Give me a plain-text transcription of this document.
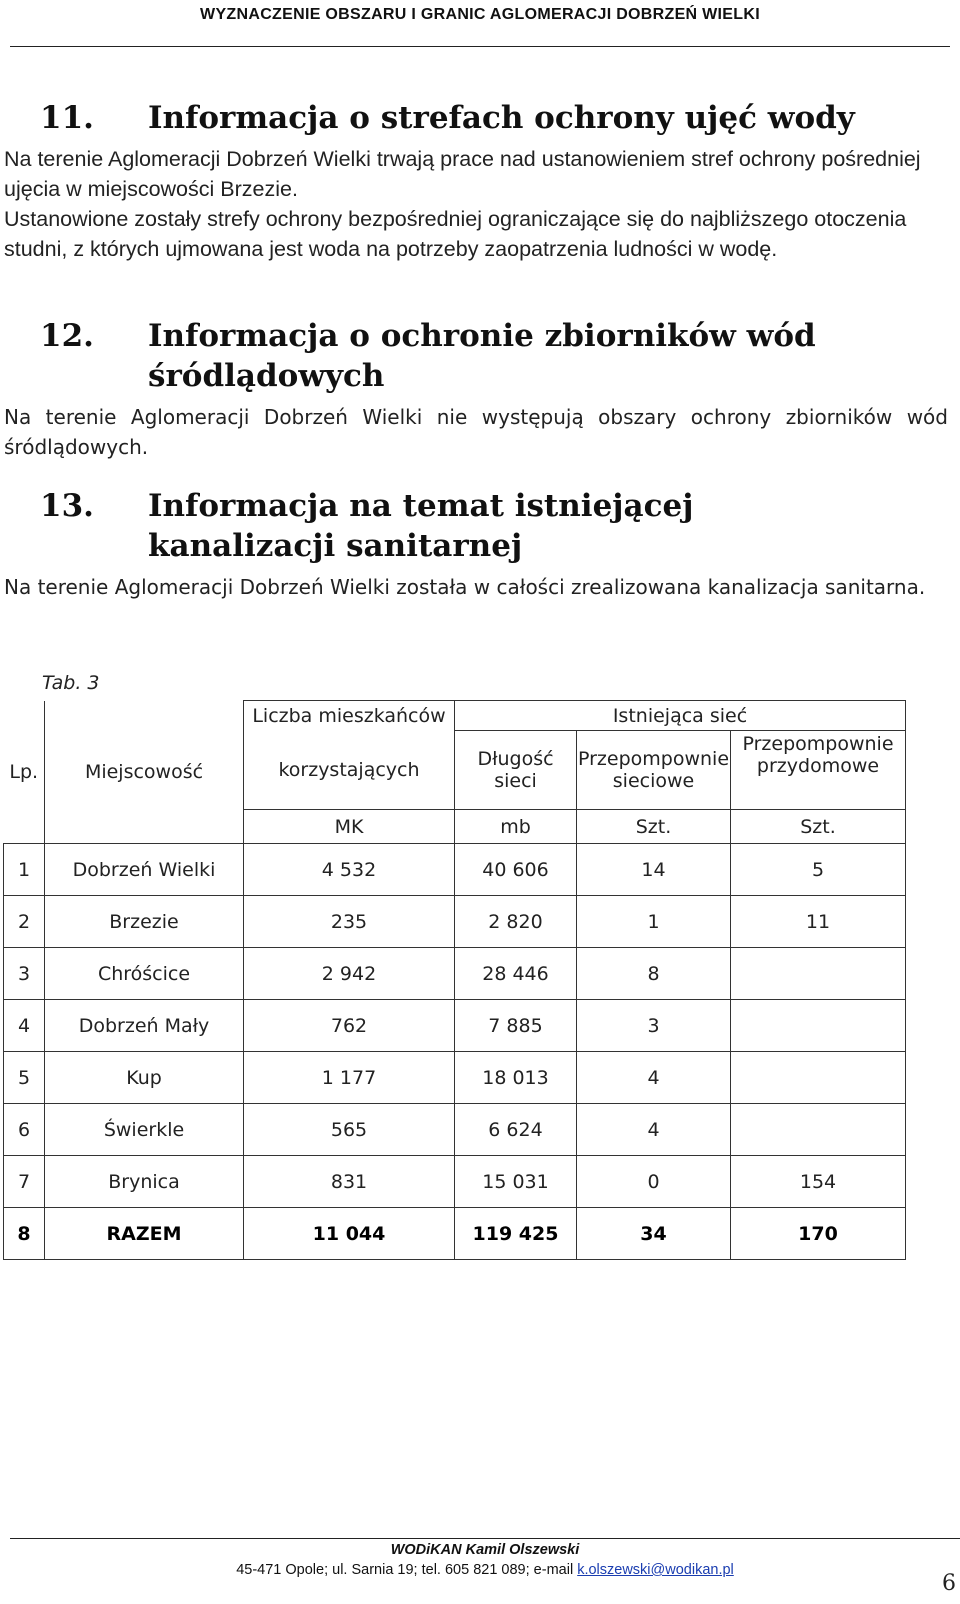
WYZNACZENIE OBSZARU I GRANIC AGLOMERACJI DOBRZEŃ WIELKI
11. Informacja o strefach ochrony ujęć wody

Na terenie Aglomeracji Dobrzeń Wielki trwają prace nad ustanowieniem stref ochrony pośredniej ujęcia w miejscowości Brzezie.

Ustanowione zostały strefy ochrony bezpośredniej ograniczające się do najbliższego otoczenia studni, z których ujmowana jest woda na potrzeby zaopatrzenia ludności w wodę.

12. Informacja o ochronie zbiorników wód śródlądowych

Na terenie Aglomeracji Dobrzeń Wielki nie występują obszary ochrony zbiorników wód śródlądowych.

13. Informacja na temat istniejącej kanalizacji sanitarnej

Na terenie Aglomeracji Dobrzeń Wielki została w całości zrealizowana kanalizacja sanitarna.

Tab. 3
Lp.	Miejscowość	Liczba mieszkańców	Istniejąca sieć		
		korzystających	Długość sieci	Przepompownie sieciowe	Przepompownie przydomowe
		MK	mb	Szt.	Szt.
1	Dobrzeń Wielki	4 532	40 606	14	5
2	Brzezie	235	2 820	1	11
3	Chróścice	2 942	28 446	8	
4	Dobrzeń Mały	762	7 885	3	
5	Kup	1 177	18 013	4	
6	Świerkle	565	6 624	4	
7	Brynica	831	15 031	0	154
8	RAZEM	11 044	119 425	34	170
WODiKAN Kamil Olszewski
45-471 Opole; ul. Sarnia 19; tel. 605 821 089; e-mail k.olszewski@wodikan.pl
6
